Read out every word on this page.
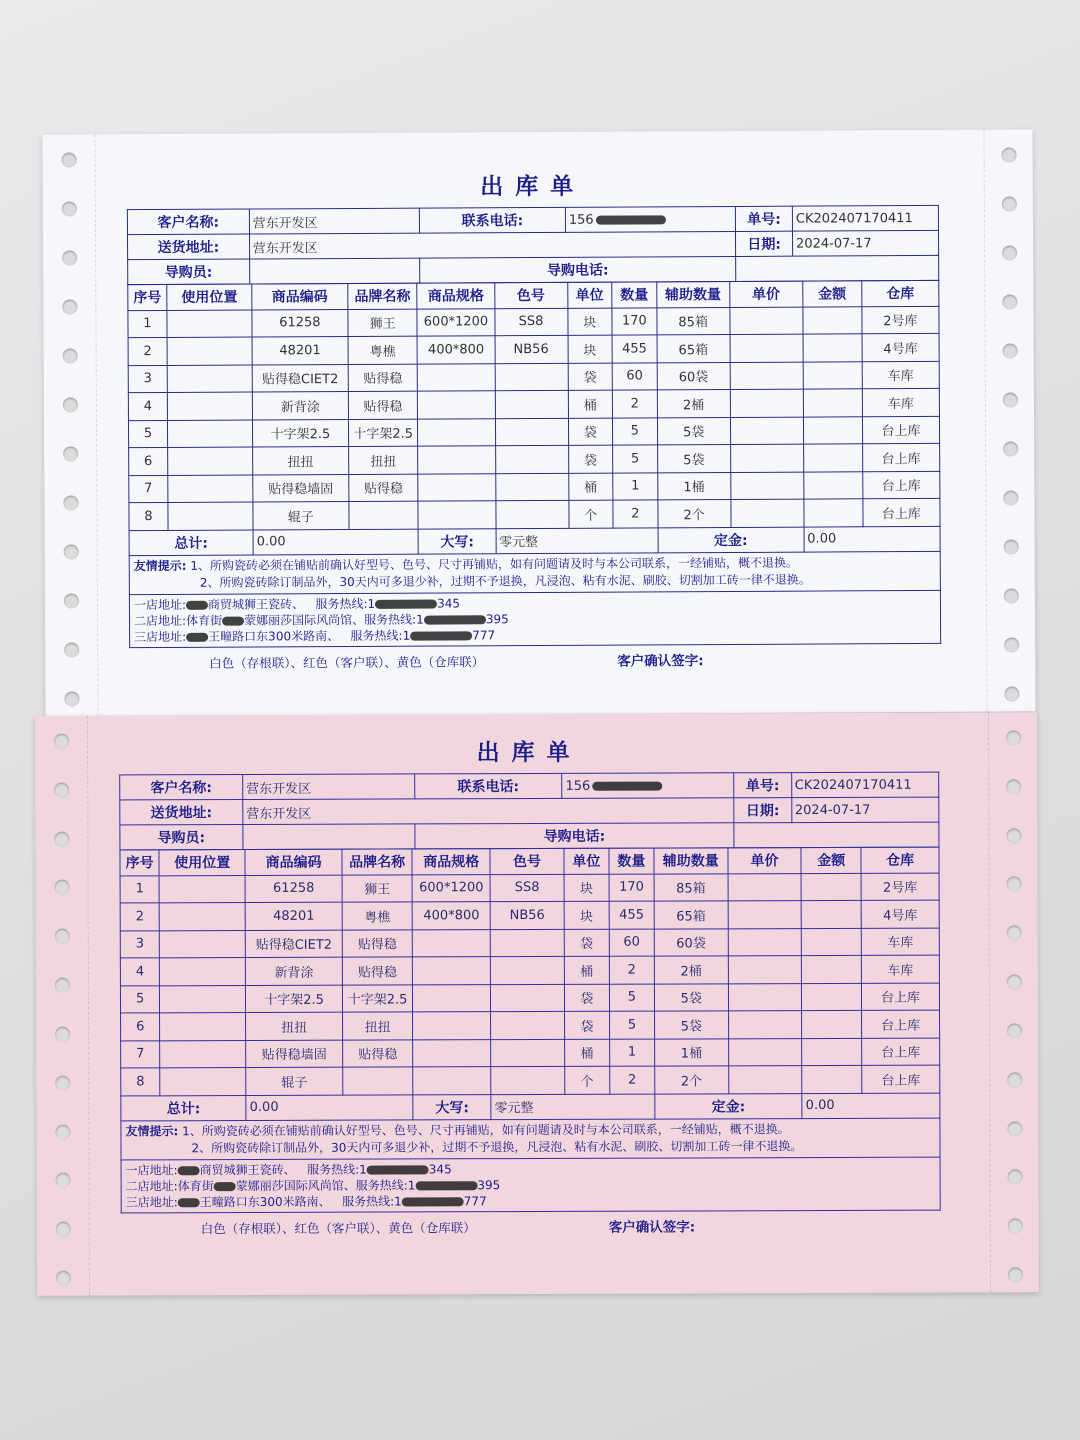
出库单
客户名称:	营东开发区	联系电话:	156	单号:	CK202407170411
送货地址:	营东开发区			日期:	2024-07-17
导购员:		导购电话:			
序号	使用位置	商品编码	品牌名称	商品规格	色号	单位	数量	辅助数量	单价	金额	仓库
1		61258	狮王	600*1200	SS8	块	170	85箱			2号库
2		48201	粤樵	400*800	NB56	块	455	65箱			4号库
3		贴得稳CIET2	贴得稳			袋	60	60袋			车库
4		新背涂	贴得稳			桶	2	2桶			车库
5		十字架2.5	十字架2.5			袋	5	5袋			台上库
6		扭扭	扭扭			袋	5	5袋			台上库
7		贴得稳墙固	贴得稳			桶	1	1桶			台上库
8		辊子				个	2	2个			台上库
总计:		0.00		大写:	零元整			定金:		0.00	
友情提示: 1、所购瓷砖必须在铺贴前确认好型号、色号、尺寸再铺贴，如有问题请及时与本公司联系，一经铺贴，概不退换。
2、所购瓷砖除订制品外，30天内可多退少补，过期不予退换，凡浸泡、粘有水泥、刷胶、切割加工砖一律不退换。											

一店地址: 商贸城狮王瓷砖、 服务热线:1 345
二店地址:体育街 蒙娜丽莎国际风尚馆、服务热线:1 395
三店地址: 王疃路口东300米路南、 服务热线:1 777											
白色（存根联）、红色（客户联）、黄色（仓库联）	客户确认签字:
出库单
客户名称:	营东开发区	联系电话:	156	单号:	CK202407170411
送货地址:	营东开发区			日期:	2024-07-17
导购员:		导购电话:			
序号	使用位置	商品编码	品牌名称	商品规格	色号	单位	数量	辅助数量	单价	金额	仓库
1		61258	狮王	600*1200	SS8	块	170	85箱			2号库
2		48201	粤樵	400*800	NB56	块	455	65箱			4号库
3		贴得稳CIET2	贴得稳			袋	60	60袋			车库
4		新背涂	贴得稳			桶	2	2桶			车库
5		十字架2.5	十字架2.5			袋	5	5袋			台上库
6		扭扭	扭扭			袋	5	5袋			台上库
7		贴得稳墙固	贴得稳			桶	1	1桶			台上库
8		辊子				个	2	2个			台上库
总计:		0.00		大写:	零元整			定金:		0.00	
友情提示: 1、所购瓷砖必须在铺贴前确认好型号、色号、尺寸再铺贴，如有问题请及时与本公司联系，一经铺贴，概不退换。
2、所购瓷砖除订制品外，30天内可多退少补，过期不予退换，凡浸泡、粘有水泥、刷胶、切割加工砖一律不退换。											

一店地址: 商贸城狮王瓷砖、 服务热线:1 345
二店地址:体育街 蒙娜丽莎国际风尚馆、服务热线:1 395
三店地址: 王疃路口东300米路南、 服务热线:1 777											
白色（存根联）、红色（客户联）、黄色（仓库联）	客户确认签字:
